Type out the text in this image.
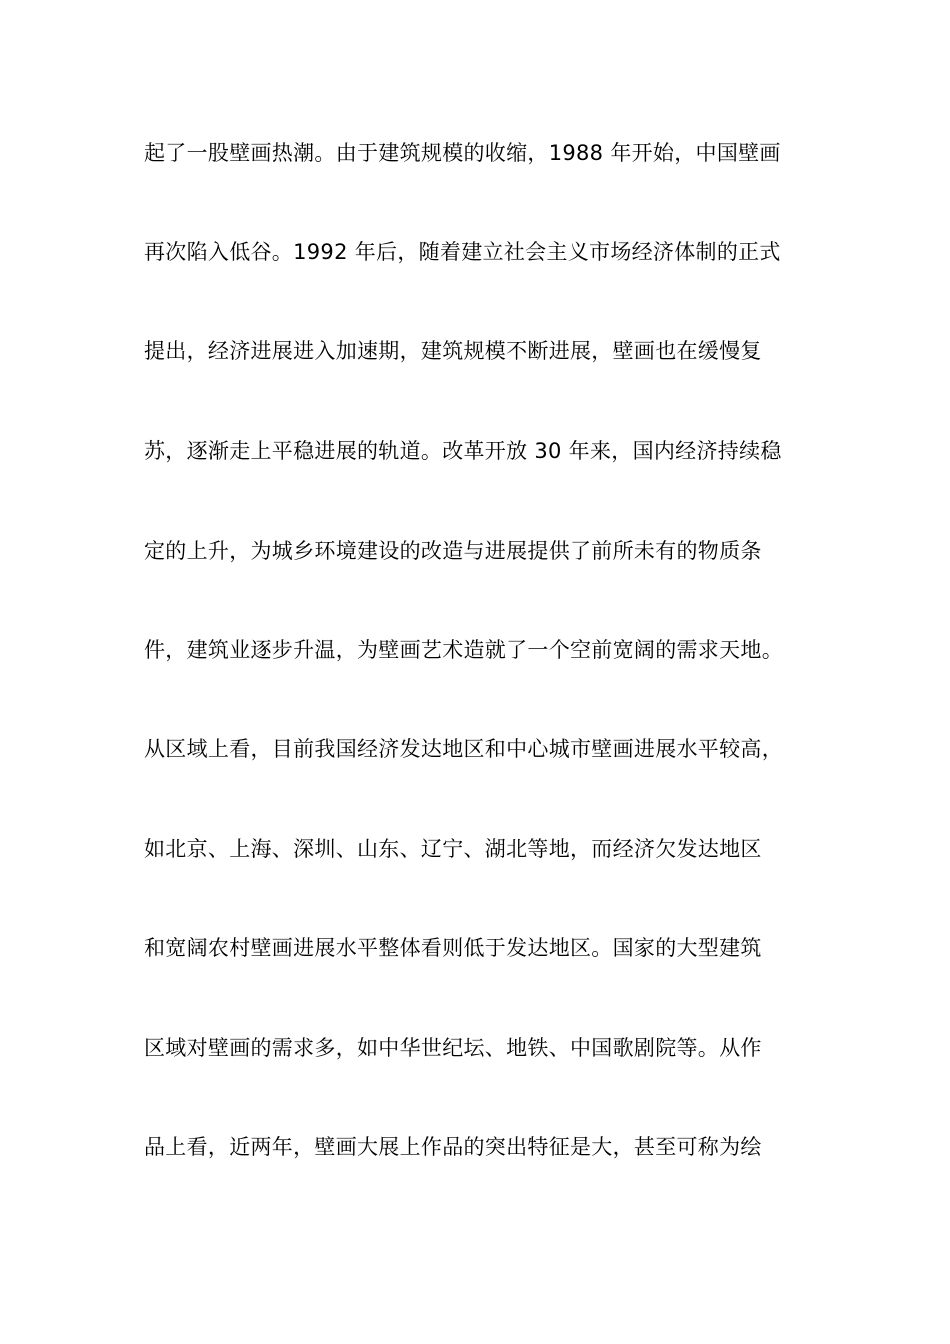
起了一股壁画热潮。由于建筑规模的收缩，1988 年开始，中国壁画

再次陷入低谷。1992 年后，随着建立社会主义市场经济体制的正式

提出，经济进展进入加速期，建筑规模不断进展，壁画也在缓慢复

苏，逐渐走上平稳进展的轨道。改革开放 30 年来，国内经济持续稳

定的上升，为城乡环境建设的改造与进展提供了前所未有的物质条

件，建筑业逐步升温，为壁画艺术造就了一个空前宽阔的需求天地。

从区域上看，目前我国经济发达地区和中心城市壁画进展水平较高，

如北京、上海、深圳、山东、辽宁、湖北等地，而经济欠发达地区

和宽阔农村壁画进展水平整体看则低于发达地区。国家的大型建筑

区域对壁画的需求多，如中华世纪坛、地铁、中国歌剧院等。从作

品上看，近两年，壁画大展上作品的突出特征是大，甚至可称为绘
